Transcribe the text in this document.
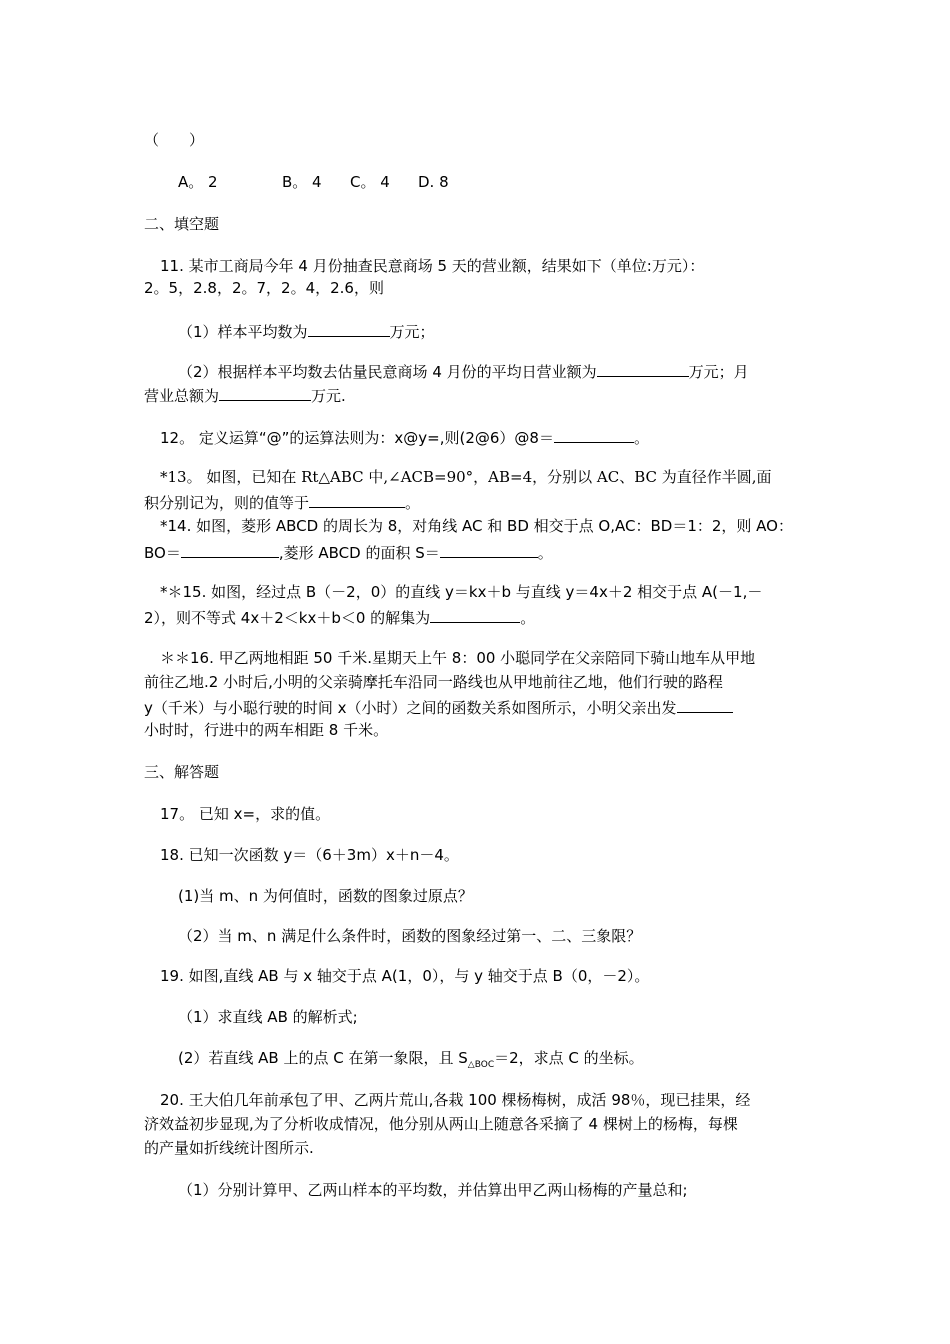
（　　）
A。 2	B。 4 C。 4 D. 8
二、填空题
11. 某市工商局今年 4 月份抽查民意商场 5 天的营业额，结果如下（单位:万元）：
2。5，2.8，2。7，2。4，2.6，则
（1）样本平均数为	万元；
（2）根据样本平均数去估量民意商场 4 月份的平均日营业额为	万元；月
营业总额为	万元.
12。 定义运算“@”的运算法则为：x@y=,则(2@6）@8＝	。
*13。 如图，已知在 Rt△ABC 中,∠ACB=90°，AB=4，分别以 AC、BC 为直径作半圆,面
积分别记为，则的值等于	。
*14. 如图，菱形 ABCD 的周长为 8，对角线 AC 和 BD 相交于点 O,AC：BD＝1：2，则 AO：
BO＝	,菱形 ABCD 的面积 S＝	。
*＊15. 如图，经过点 B（－2，0）的直线 y＝kx＋b 与直线 y＝4x＋2 相交于点 A(－1,－
2），则不等式 4x＋2＜kx＋b＜0 的解集为	。
＊＊16. 甲乙两地相距 50 千米.星期天上午 8：00 小聪同学在父亲陪同下骑山地车从甲地
前往乙地.2 小时后,小明的父亲骑摩托车沿同一路线也从甲地前往乙地，他们行驶的路程
y（千米）与小聪行驶的时间 x（小时）之间的函数关系如图所示，小明父亲出发
小时时，行进中的两车相距 8 千米。
三、解答题
17。 已知 x=，求的值。
18. 已知一次函数 y＝（6＋3m）x＋n－4。
(1)当 m、n 为何值时，函数的图象过原点？
（2）当 m、n 满足什么条件时，函数的图象经过第一、二、三象限？
19. 如图,直线 AB 与 x 轴交于点 A(1，0），与 y 轴交于点 B（0，－2）。
（1）求直线 AB 的解析式;
(2）若直线 AB 上的点 C 在第一象限，且 $S_{\triangle BOC}=2$，求点 C 的坐标。
20. 王大伯几年前承包了甲、乙两片荒山,各栽 100 棵杨梅树，成活 98％，现已挂果，经
济效益初步显现,为了分析收成情况，他分别从两山上随意各采摘了 4 棵树上的杨梅，每棵
的产量如折线统计图所示.
（1）分别计算甲、乙两山样本的平均数，并估算出甲乙两山杨梅的产量总和;
